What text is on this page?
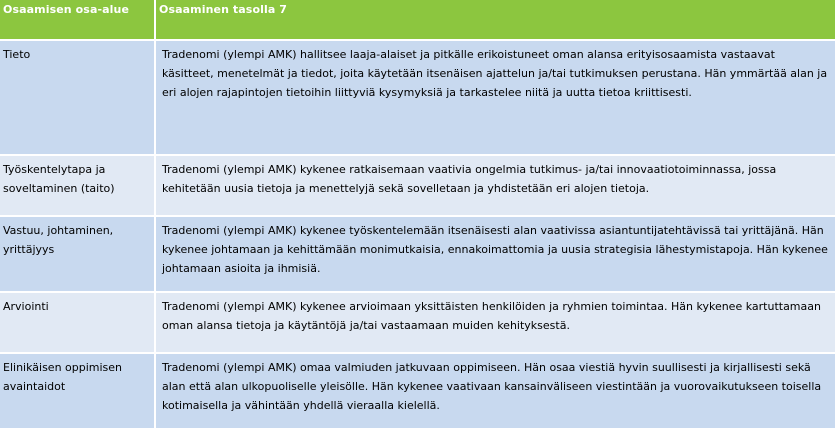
Osaamisen osa-alue	Osaaminen tasolla 7
Tieto	Tradenomi (ylempi AMK) hallitsee laaja-alaiset ja pitkälle erikoistuneet oman alansa erityisosaamista vastaavat käsitteet, menetelmät ja tiedot, joita käytetään itsenäisen ajattelun ja/tai tutkimuksen perustana. Hän ymmärtää alan ja eri alojen rajapintojen tietoihin liittyviä kysymyksiä ja tarkastelee niitä ja uutta tietoa kriittisesti.
Työskentelytapa ja soveltaminen (taito)	Tradenomi (ylempi AMK) kykenee ratkaisemaan vaativia ongelmia tutkimus- ja/tai innovaatiotoiminnassa, jossa kehitetään uusia tietoja ja menettelyjä sekä sovelletaan ja yhdistetään eri alojen tietoja.
Vastuu, johtaminen, yrittäjyys	Tradenomi (ylempi AMK) kykenee työskentelemään itsenäisesti alan vaativissa asiantuntijatehtävissä tai yrittäjänä. Hän kykenee johtamaan ja kehittämään monimutkaisia, ennakoimattomia ja uusia strategisia lähestymistapoja. Hän kykenee johtamaan asioita ja ihmisiä.
Arviointi	Tradenomi (ylempi AMK) kykenee arvioimaan yksittäisten henkilöiden ja ryhmien toimintaa. Hän kykenee kartuttamaan oman alansa tietoja ja käytäntöjä ja/tai vastaamaan muiden kehityksestä.
Elinikäisen oppimisen avaintaidot	Tradenomi (ylempi AMK) omaa valmiuden jatkuvaan oppimiseen. Hän osaa viestiä hyvin suullisesti ja kirjallisesti sekä alan että alan ulkopuoliselle yleisölle. Hän kykenee vaativaan kansainväliseen viestintään ja vuorovaikutukseen toisella kotimaisella ja vähintään yhdellä vieraalla kielellä.
